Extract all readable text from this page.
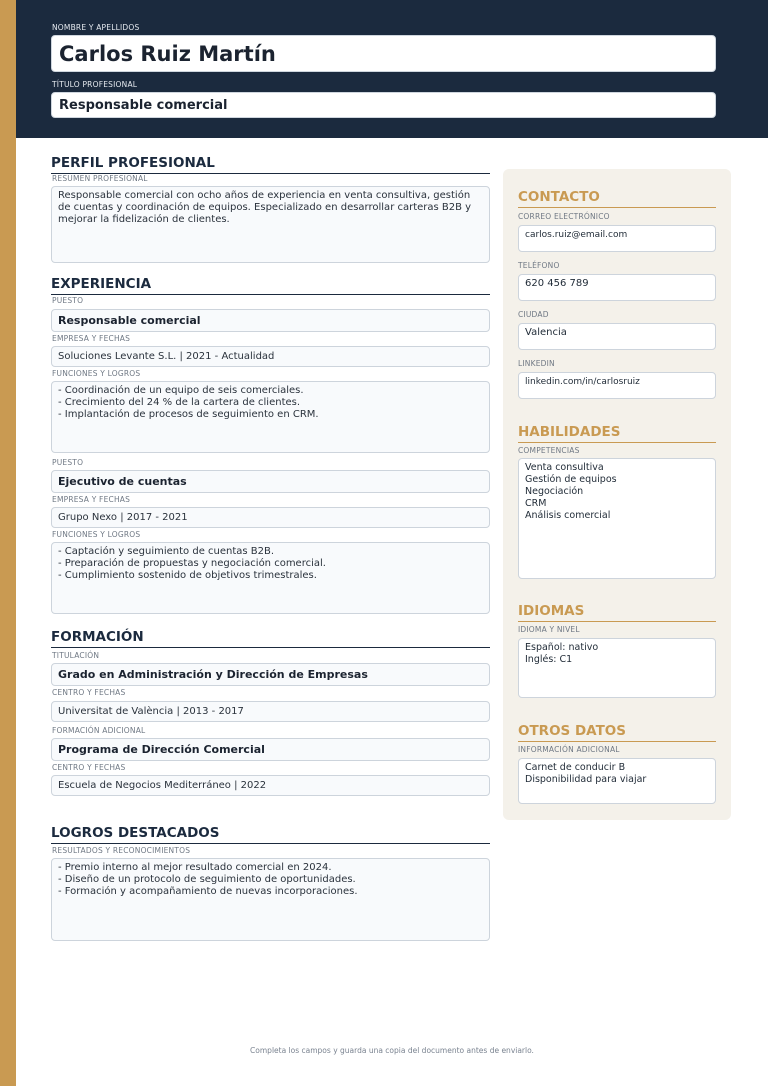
NOMBRE Y APELLIDOS
Carlos Ruiz Martín
TÍTULO PROFESIONAL
Responsable comercial
PERFIL PROFESIONAL
RESUMEN PROFESIONAL
Responsable comercial con ocho años de experiencia en venta consultiva, gestión de cuentas y coordinación de equipos. Especializado en desarrollar carteras B2B y mejorar la fidelización de clientes.
EXPERIENCIA
PUESTO
Responsable comercial
EMPRESA Y FECHAS
Soluciones Levante S.L. | 2021 - Actualidad
FUNCIONES Y LOGROS
- Coordinación de un equipo de seis comerciales.
- Crecimiento del 24 % de la cartera de clientes.
- Implantación de procesos de seguimiento en CRM.
PUESTO
Ejecutivo de cuentas
EMPRESA Y FECHAS
Grupo Nexo | 2017 - 2021
FUNCIONES Y LOGROS
- Captación y seguimiento de cuentas B2B.
- Preparación de propuestas y negociación comercial.
- Cumplimiento sostenido de objetivos trimestrales.
FORMACIÓN
TITULACIÓN
Grado en Administración y Dirección de Empresas
CENTRO Y FECHAS
Universitat de València | 2013 - 2017
FORMACIÓN ADICIONAL
Programa de Dirección Comercial
CENTRO Y FECHAS
Escuela de Negocios Mediterráneo | 2022
LOGROS DESTACADOS
RESULTADOS Y RECONOCIMIENTOS
- Premio interno al mejor resultado comercial en 2024.
- Diseño de un protocolo de seguimiento de oportunidades.
- Formación y acompañamiento de nuevas incorporaciones.
CONTACTO
CORREO ELECTRÓNICO
carlos.ruiz@email.com
TELÉFONO
620 456 789
CIUDAD
Valencia
LINKEDIN
linkedin.com/in/carlosruiz
HABILIDADES
COMPETENCIAS
Venta consultiva
Gestión de equipos
Negociación
CRM
Análisis comercial
IDIOMAS
IDIOMA Y NIVEL
Español: nativo
Inglés: C1
OTROS DATOS
INFORMACIÓN ADICIONAL
Carnet de conducir B
Disponibilidad para viajar
Completa los campos y guarda una copia del documento antes de enviarlo.
